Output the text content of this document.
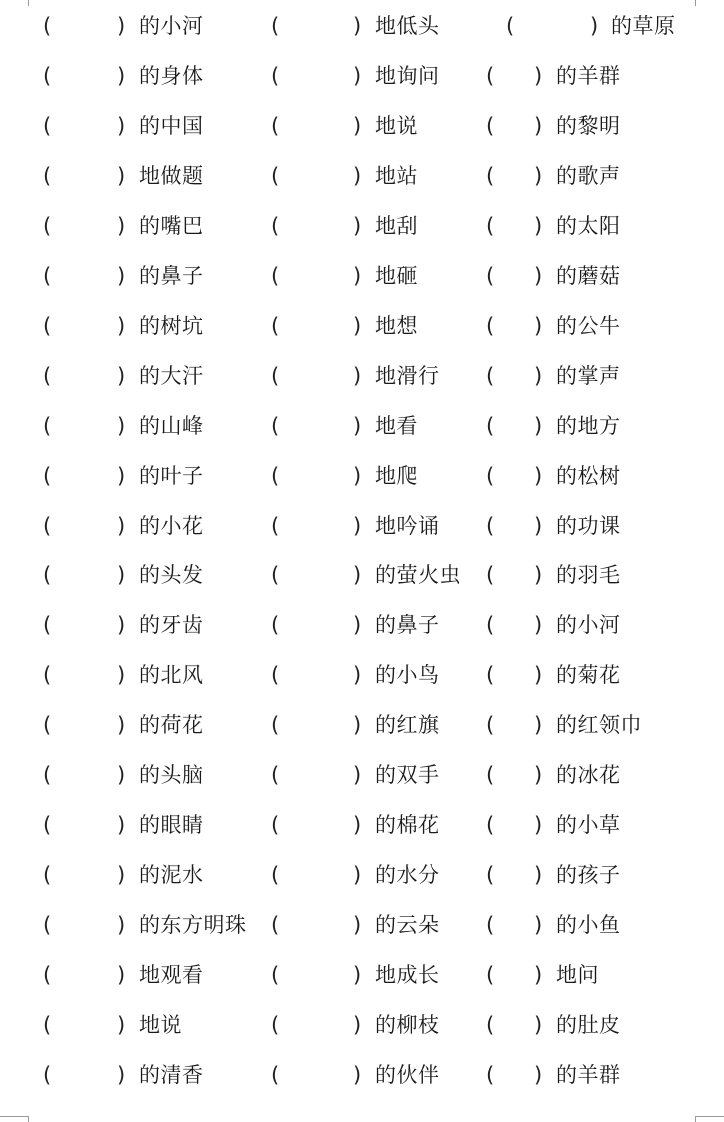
(	) 的小河	(	) 地低头	(	) 的草原
(	) 的身体	(	) 地询问 ( ) 的羊群
(	) 的中国	(	) 地说	( ) 的黎明
(	) 地做题	(	) 地站	( ) 的歌声
(	) 的嘴巴	(	) 地刮	( ) 的太阳
(	) 的鼻子	(	) 地砸	( ) 的蘑菇
(	) 的树坑	(	) 地想	( ) 的公牛
(	) 的大汗	(	) 地滑行 ( ) 的掌声
(	) 的山峰	(	) 地看	( ) 的地方
(	) 的叶子	(	) 地爬	( ) 的松树
(	) 的小花	(	) 地吟诵 ( ) 的功课
(	) 的头发	(	) 的萤火虫 ( ) 的羽毛
(	) 的牙齿	(	) 的鼻子 ( ) 的小河
(	) 的北风	(	) 的小鸟 ( ) 的菊花
(	) 的荷花	(	) 的红旗 ( ) 的红领巾
(	) 的头脑	(	) 的双手 ( ) 的冰花
(	) 的眼睛	(	) 的棉花 ( ) 的小草
(	) 的泥水	(	) 的水分 ( ) 的孩子
(	) 的东方明珠 (	) 的云朵 ( ) 的小鱼
(	) 地观看	(	) 地成长 ( ) 地问
(	) 地说	(	) 的柳枝 ( ) 的肚皮
(	) 的清香	(	) 的伙伴 ( ) 的羊群
